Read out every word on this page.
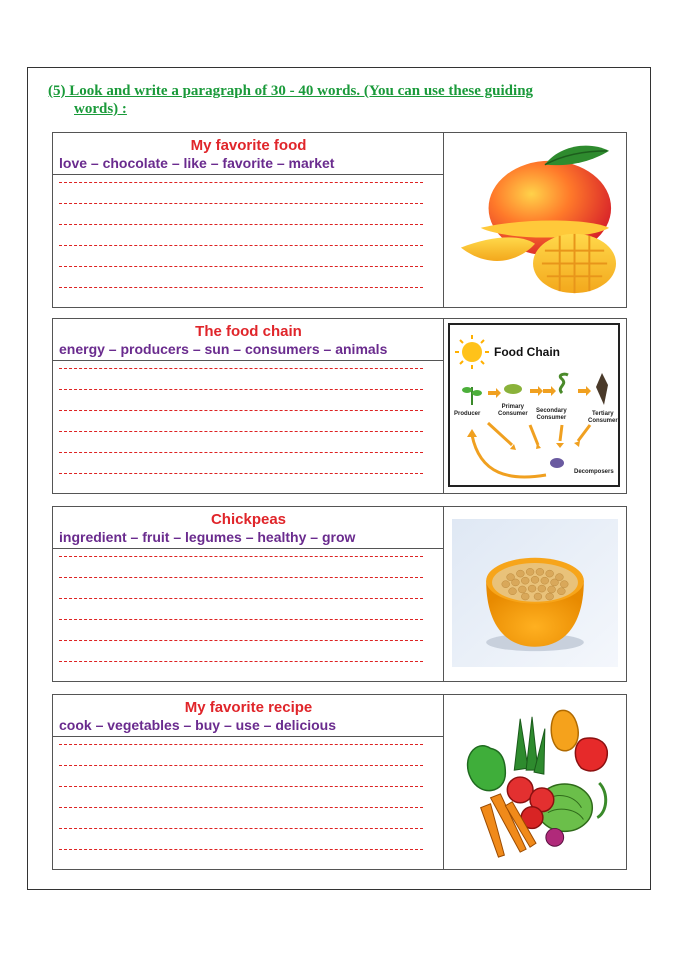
(5) Look and write a paragraph of 30 - 40 words. (You can use these guiding
words) :
My favorite food
love – chocolate – like – favorite – market
The food chain
energy – producers – sun – consumers – animals	Food Chain
Producer
Primary
Consumer Secondary
Consumer
Tertiary
Consumer
Decomposers
Chickpeas
ingredient – fruit – legumes – healthy – grow
My favorite recipe
cook – vegetables – buy – use – delicious
